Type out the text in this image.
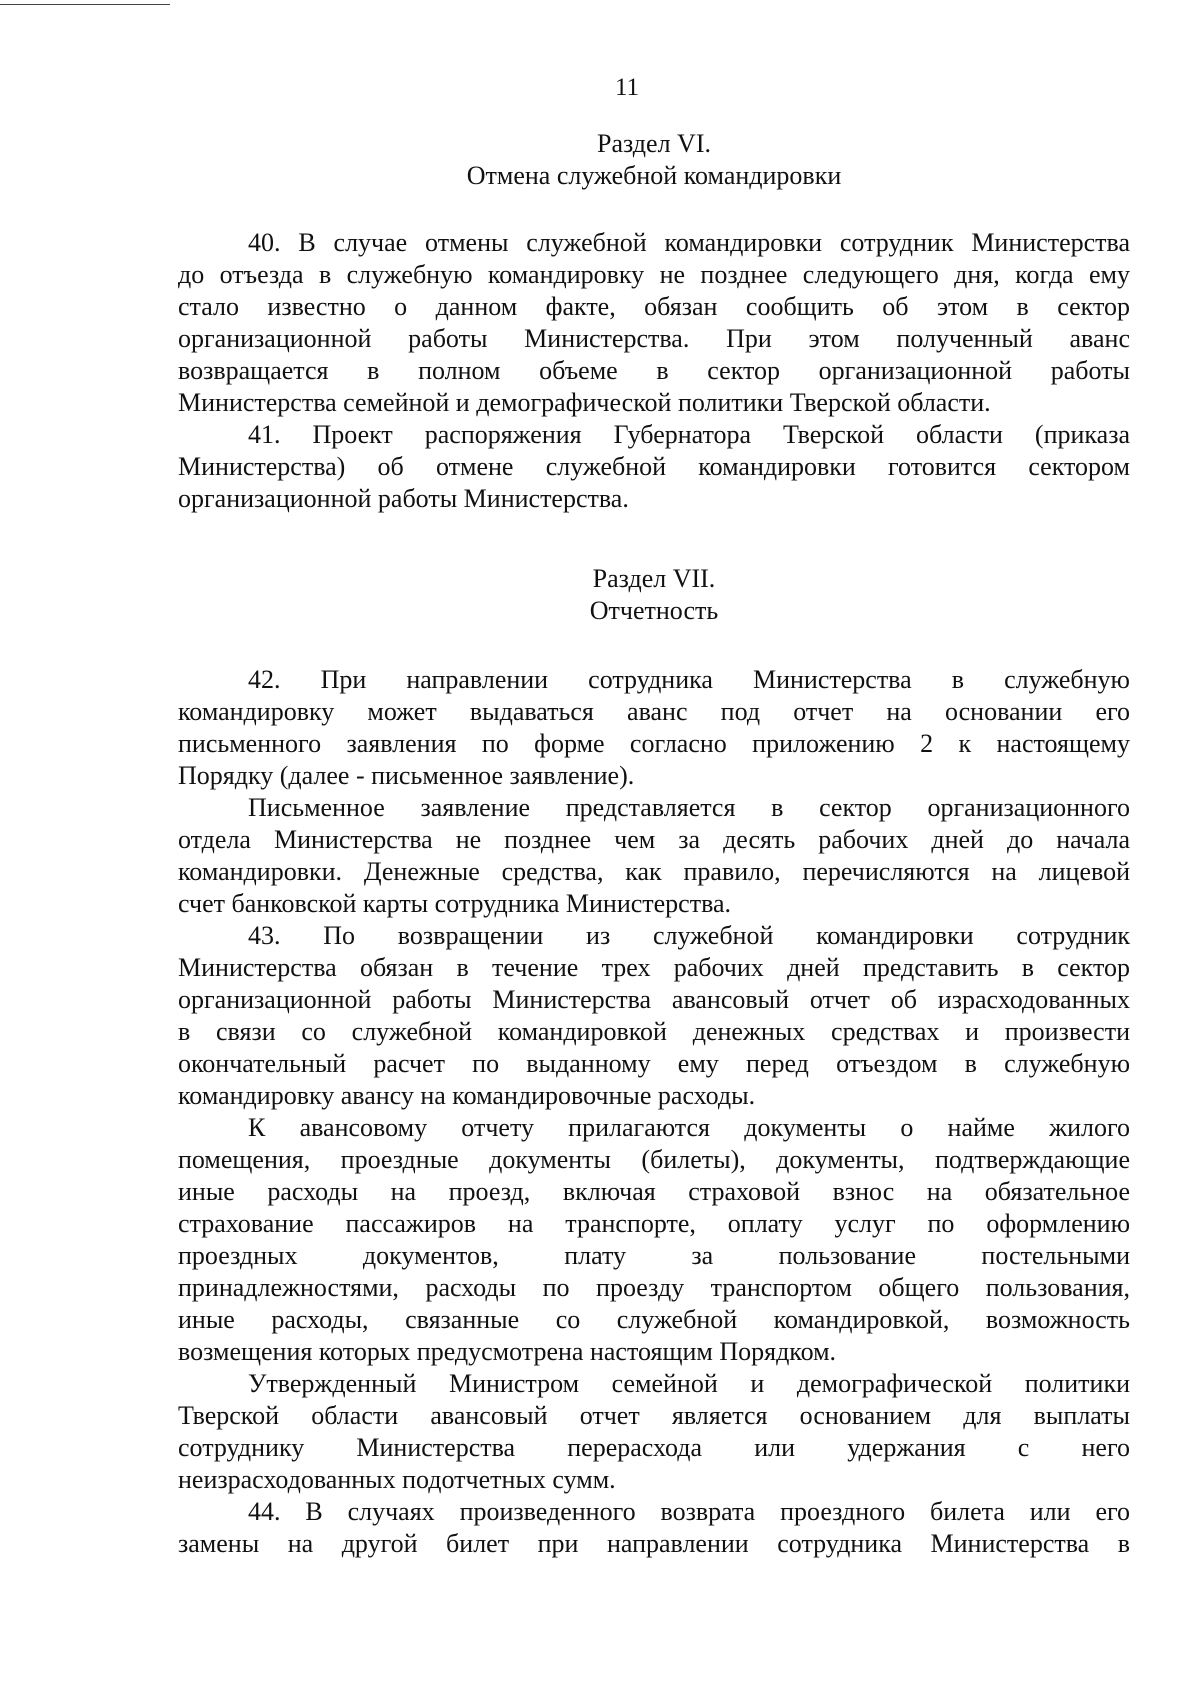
11
Раздел VI.
Отмена служебной командировки

40. В случае отмены служебной командировки сотрудник Министерства
до отъезда в служебную командировку не позднее следующего дня, когда ему
стало известно о данном факте, обязан сообщить об этом в сектор
организационной работы Министерства. При этом полученный аванс
возвращается в полном объеме в сектор организационной работы
Министерства семейной и демографической политики Тверской области.

41. Проект распоряжения Губернатора Тверской области (приказа
Министерства) об отмене служебной командировки готовится сектором
организационной работы Министерства.

Раздел VII.
Отчетность

42. При направлении сотрудника Министерства в служебную
командировку может выдаваться аванс под отчет на основании его
письменного заявления по форме согласно приложению 2 к настоящему
Порядку (далее - письменное заявление).

Письменное заявление представляется в сектор организационного
отдела Министерства не позднее чем за десять рабочих дней до начала
командировки. Денежные средства, как правило, перечисляются на лицевой
счет банковской карты сотрудника Министерства.

43. По возвращении из служебной командировки сотрудник
Министерства обязан в течение трех рабочих дней представить в сектор
организационной работы Министерства авансовый отчет об израсходованных
в связи со служебной командировкой денежных средствах и произвести
окончательный расчет по выданному ему перед отъездом в служебную
командировку авансу на командировочные расходы.

К авансовому отчету прилагаются документы о найме жилого
помещения, проездные документы (билеты), документы, подтверждающие
иные расходы на проезд, включая страховой взнос на обязательное
страхование пассажиров на транспорте, оплату услуг по оформлению
проездных документов, плату за пользование постельными
принадлежностями, расходы по проезду транспортом общего пользования,
иные расходы, связанные со служебной командировкой, возможность
возмещения которых предусмотрена настоящим Порядком.

Утвержденный Министром семейной и демографической политики
Тверской области авансовый отчет является основанием для выплаты
сотруднику Министерства перерасхода или удержания с него
неизрасходованных подотчетных сумм.

44. В случаях произведенного возврата проездного билета или его
замены на другой билет при направлении сотрудника Министерства в
